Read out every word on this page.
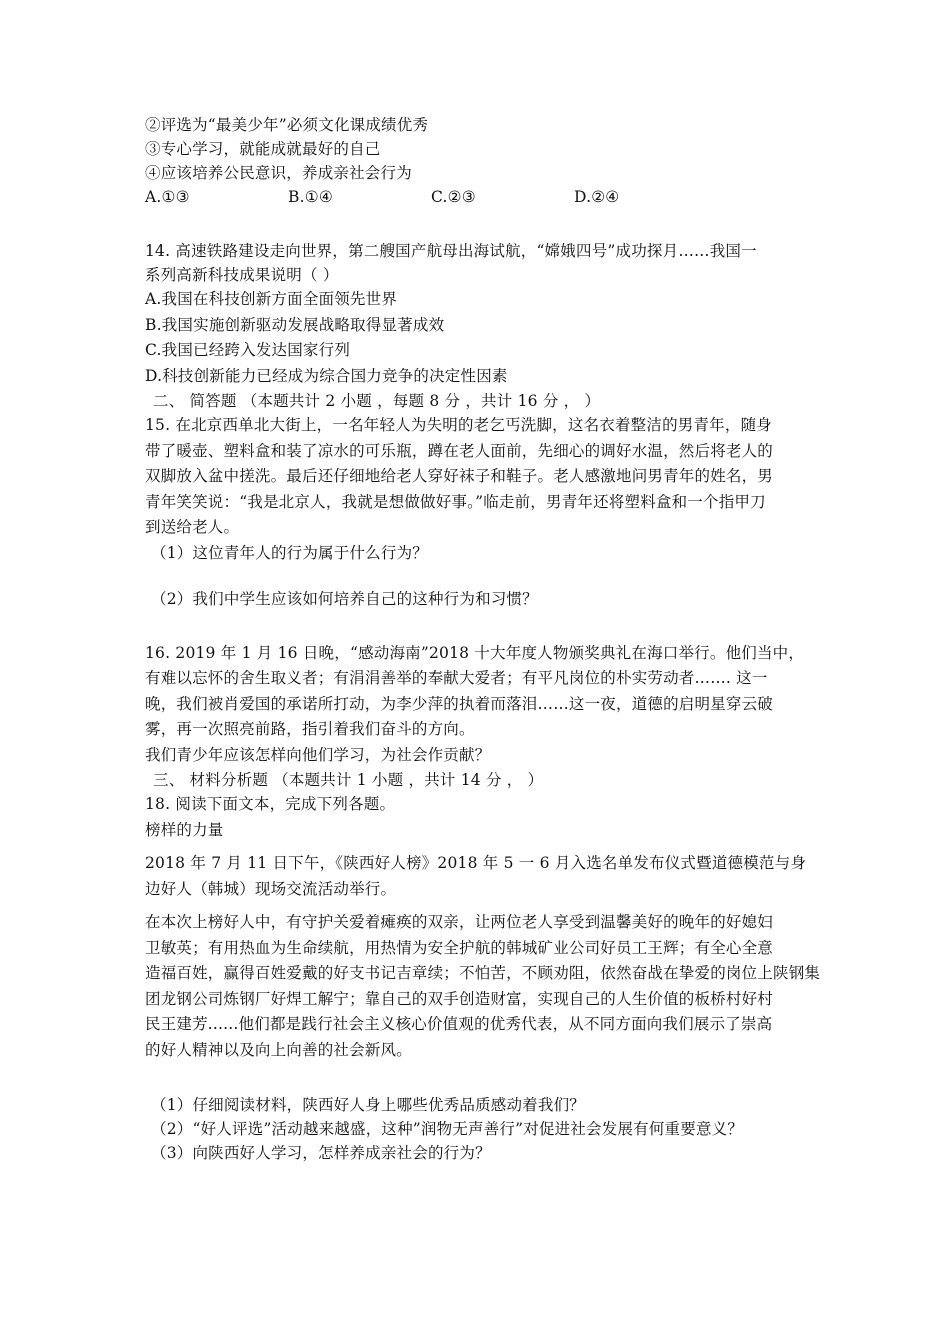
②评选为“最美少年”必须文化课成绩优秀
③专心学习，就能成就最好的自己
④应该培养公民意识，养成亲社会行为
A.①③	B.①④	C.②③	D.②④
14. 高速铁路建设走向世界，第二艘国产航母出海试航，“嫦娥四号”成功探月……我国一
系列高新科技成果说明（ ）
A.我国在科技创新方面全面领先世界
B.我国实施创新驱动发展战略取得显著成效
C.我国已经跨入发达国家行列
D.科技创新能力已经成为综合国力竞争的决定性因素
二、 简答题 （本题共计 2 小题 ，每题 8 分 ，共计 16 分 ， ）
15. 在北京西单北大街上，一名年轻人为失明的老乞丐洗脚，这名衣着整洁的男青年，随身
带了暖壶、塑料盒和装了凉水的可乐瓶，蹲在老人面前，先细心的调好水温，然后将老人的
双脚放入盆中搓洗。最后还仔细地给老人穿好袜子和鞋子。老人感激地问男青年的姓名，男
青年笑笑说：“我是北京人，我就是想做做好事。”临走前，男青年还将塑料盒和一个指甲刀
到送给老人。
（1）这位青年人的行为属于什么行为？
（2）我们中学生应该如何培养自己的这种行为和习惯？
16. 2019 年 1 月 16 日晚，“感动海南”2018 十大年度人物颁奖典礼在海口举行。他们当中，
有难以忘怀的舍生取义者；有涓涓善举的奉献大爱者；有平凡岗位的朴实劳动者……. 这一
晚，我们被肖爱国的承诺所打动，为李少萍的执着而落泪……这一夜，道德的启明星穿云破
雾，再一次照亮前路，指引着我们奋斗的方向。
我们青少年应该怎样向他们学习，为社会作贡献？
三、 材料分析题 （本题共计 1 小题 ，共计 14 分 ， ）
18. 阅读下面文本，完成下列各题。
榜样的力量
2018 年 7 月 11 日下午，《陕西好人榜》2018 年 5 一 6 月入选名单发布仪式暨道德模范与身
边好人（韩城）现场交流活动举行。
在本次上榜好人中，有守护关爱着瘫痪的双亲，让两位老人享受到温馨美好的晚年的好媳妇
卫敏英；有用热血为生命续航，用热情为安全护航的韩城矿业公司好员工王辉；有全心全意
造福百姓，赢得百姓爱戴的好支书记吉章续；不怕苦，不顾劝阻，依然奋战在挚爱的岗位上陕钢集
团龙钢公司炼钢厂好焊工解宁；靠自己的双手创造财富，实现自己的人生价值的板桥村好村
民王建芳......他们都是践行社会主义核心价值观的优秀代表，从不同方面向我们展示了崇高
的好人精神以及向上向善的社会新风。
（1）仔细阅读材料，陕西好人身上哪些优秀品质感动着我们？
（2）“好人评选”活动越来越盛，这种”润物无声善行”对促进社会发展有何重要意义？
（3）向陕西好人学习，怎样养成亲社会的行为？
